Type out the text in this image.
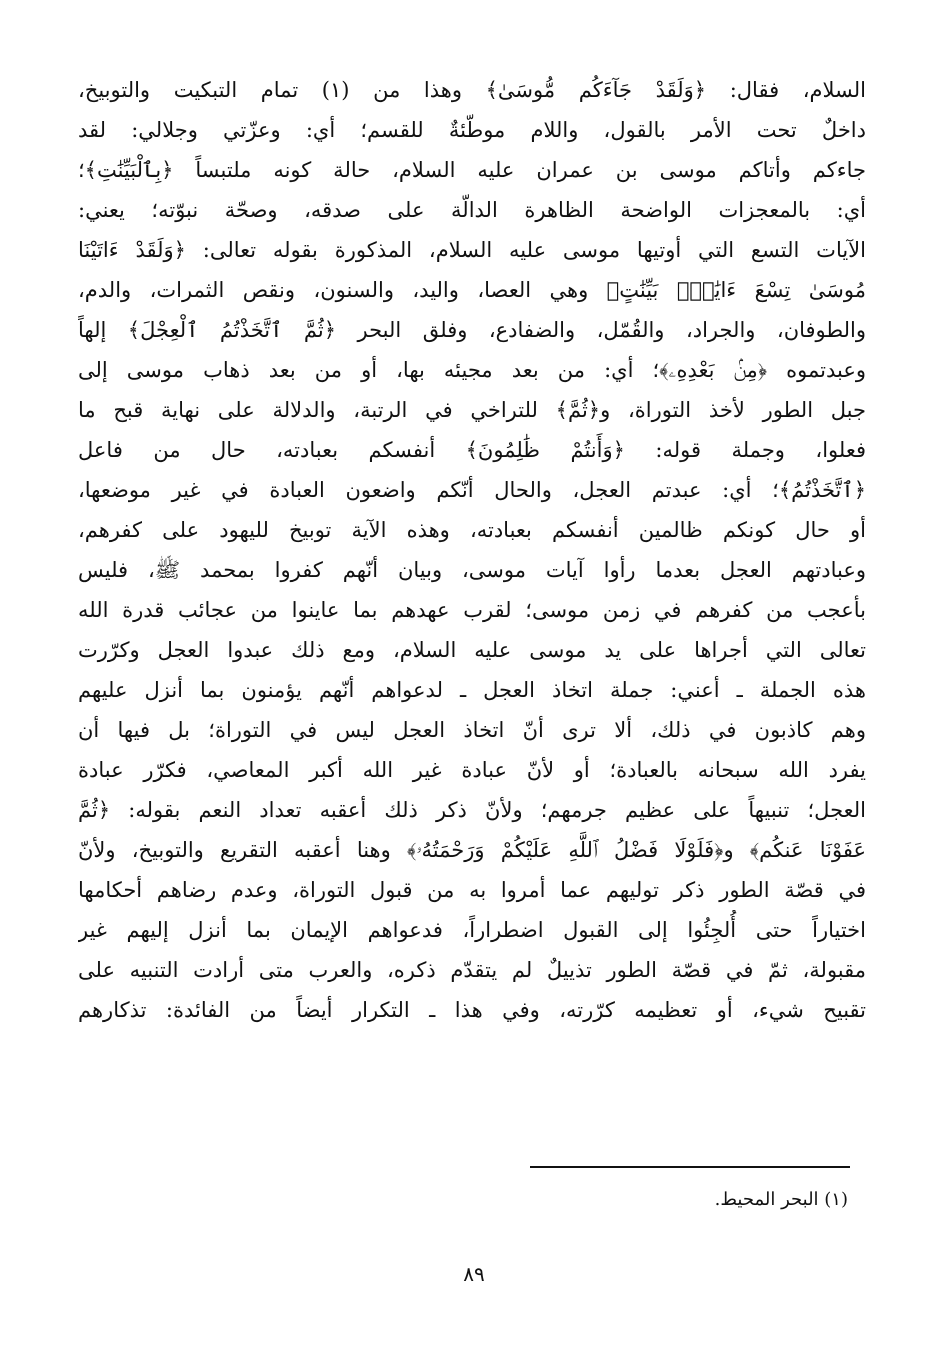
السلام، فقال: ﴿وَلَقَدْ جَآءَكُم مُّوسَىٰ﴾ وهذا من (١) تمام التبكيت والتوبيخ،
داخلٌ تحت الأمر بالقول، واللام موطّئةٌ للقسم؛ أي: وعزّتي وجلالي: لقد
جاءكم وأتاكم موسى بن عمران عليه السلام، حالة كونه ملتبساً ﴿بِٱلْبَيِّنَٰتِ﴾؛
أي: بالمعجزات الواضحة الظاهرة الدالّة على صدقه، وصحّة نبوّته؛ يعني:
الآيات التسع التي أوتيها موسى عليه السلام، المذكورة بقوله تعالى: ﴿وَلَقَدْ ءَاتَيْنَا
مُوسَىٰ تِسْعَ ءَايَٰتٍۭ بَيِّنَٰتٍ﴾ وهي العصا، واليد، والسنون، ونقص الثمرات، والدم،
والطوفان، والجراد، والقُمّل، والضفادع، وفلق البحر ﴿ثُمَّ ٱتَّخَذْتُمُ ٱلْعِجْلَ﴾ إلهاً
وعبدتموه ﴿مِنۢ بَعْدِهِۦ﴾؛ أي: من بعد مجيئه بها، أو من بعد ذهاب موسى إلى
جبل الطور لأخذ التوراة، و﴿ثُمَّ﴾ للتراخي في الرتبة، والدلالة على نهاية قبح ما
فعلوا، وجملة قوله: ﴿وَأَنتُمْ ظَٰلِمُونَ﴾ أنفسكم بعبادته، حال من فاعل
﴿ٱتَّخَذْتُمُ﴾؛ أي: عبدتم العجل، والحال أنّكم واضعون العبادة في غير موضعها،
أو حال كونكم ظالمين أنفسكم بعبادته، وهذه الآية توبيخ لليهود على كفرهم،
وعبادتهم العجل بعدما رأوا آيات موسى، وبيان أنّهم كفروا بمحمد ﷺ، فليس
بأعجب من كفرهم في زمن موسى؛ لقرب عهدهم بما عاينوا من عجائب قدرة الله
تعالى التي أجراها على يد موسى عليه السلام، ومع ذلك عبدوا العجل وكرّرت
هذه الجملة ـ أعني: جملة اتخاذ العجل ـ لدعواهم أنّهم يؤمنون بما أنزل عليهم
وهم كاذبون في ذلك، ألا ترى أنّ اتخاذ العجل ليس في التوراة؛ بل فيها أن
يفرد الله سبحانه بالعبادة؛ أو لأنّ عبادة غير الله أكبر المعاصي، فكرّر عبادة
العجل؛ تنبيهاً على عظيم جرمهم؛ ولأنّ ذكر ذلك أعقبه تعداد النعم بقوله: ﴿ثُمَّ
عَفَوْنَا عَنكُم﴾ و﴿فَلَوْلَا فَضْلُ ٱللَّهِ عَلَيْكُمْ وَرَحْمَتُهُۥ﴾ وهنا أعقبه التقريع والتوبيخ، ولأنّ
في قصّة الطور ذكر توليهم عما أمروا به من قبول التوراة، وعدم رضاهم أحكامها
اختياراً حتى أُلجِئُوا إلى القبول اضطراراً، فدعواهم الإيمان بما أنزل إليهم غير
مقبولة، ثمّ في قصّة الطور تذييلٌ لم يتقدّم ذكره، والعرب متى أرادت التنبيه على
تقبيح شيء، أو تعظيمه كرّرته، وفي هذا ـ التكرار أيضاً من الفائدة: تذكارهم
(١) البحر المحيط.
٨٩
